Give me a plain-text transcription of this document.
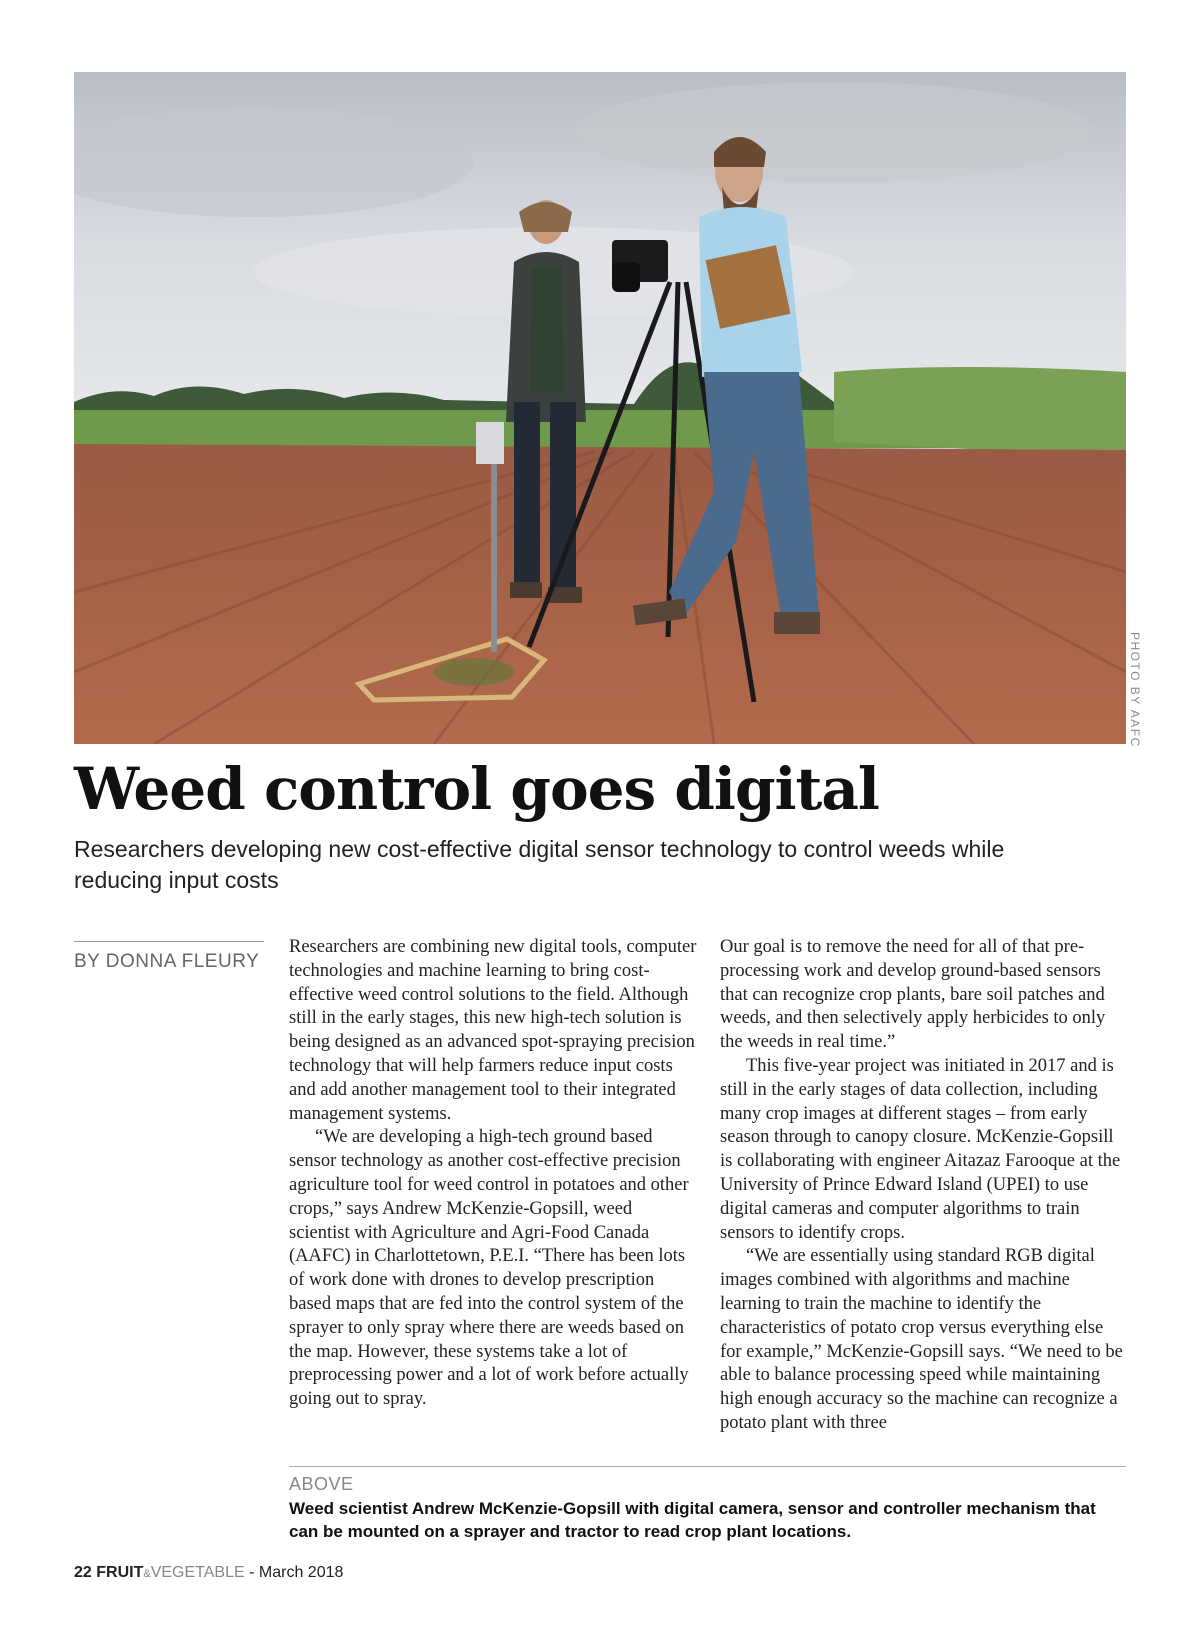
PHOTO BY AAFC
Weed control goes digital
Researchers developing new cost-effective digital sensor technology to control weeds while reducing input costs
BY DONNA FLEURY

Researchers are combining new digital tools, computer technologies and machine learning to bring cost-effective weed control solutions to the field. Although still in the early stages, this new high-tech solution is being designed as an advanced spot-spraying precision technology that will help farmers reduce input costs and add another management tool to their integrated management systems.

“We are developing a high-tech ground based sensor technology as another cost-effective precision agriculture tool for weed control in potatoes and other crops,” says Andrew McKenzie-Gopsill, weed scientist with Agriculture and Agri-Food Canada (AAFC) in Charlottetown, P.E.I. “There has been lots of work done with drones to develop prescription based maps that are fed into the control system of the sprayer to only spray where there are weeds based on the map. However, these systems take a lot of preprocessing power and a lot of work before actually going out to spray.

Our goal is to remove the need for all of that pre-processing work and develop ground-based sensors that can recognize crop plants, bare soil patches and weeds, and then selectively apply herbicides to only the weeds in real time.”

This five-year project was initiated in 2017 and is still in the early stages of data collection, including many crop images at different stages – from early season through to canopy closure. McKenzie-Gopsill is collaborating with engineer Aitazaz Farooque at the University of Prince Edward Island (UPEI) to use digital cameras and computer algorithms to train sensors to identify crops.

“We are essentially using standard RGB digital images combined with algorithms and machine learning to train the machine to identify the characteristics of potato crop versus everything else for example,” McKenzie-Gopsill says. “We need to be able to balance processing speed while maintaining high enough accuracy so the machine can recognize a potato plant with three

ABOVE
Weed scientist Andrew McKenzie-Gopsill with digital camera, sensor and controller mechanism that can be mounted on a sprayer and tractor to read crop plant locations.
22 FRUIT&VEGETABLE - March 2018
